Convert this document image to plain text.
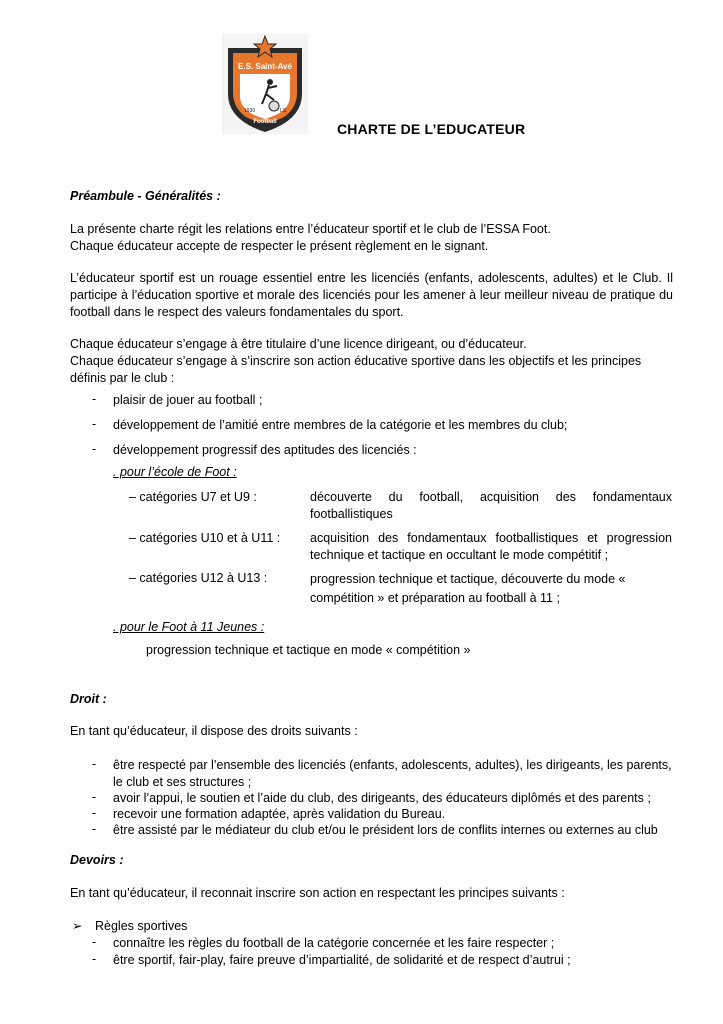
E.S. Saint-Avé
1930	LS
Football	CHARTE DE L’EDUCATEUR
Préambule - Généralités :
La présente charte régit les relations entre l’éducateur sportif et le club de l’ESSA Foot.
Chaque éducateur accepte de respecter le présent règlement en le signant.
L’éducateur sportif est un rouage essentiel entre les licenciés (enfants, adolescents, adultes) et le Club. Il participe à l’éducation sportive et morale des licenciés pour les amener à leur meilleur niveau de pratique du football dans le respect des valeurs fondamentales du sport.
Chaque éducateur s’engage à être titulaire d’une licence dirigeant, ou d’éducateur.
Chaque éducateur s’engage à s’inscrire son action éducative sportive dans les objectifs et les principes définis par le club :
- plaisir de jouer au football ;
- développement de l’amitié entre membres de la catégorie et les membres du club;
- développement progressif des aptitudes des licenciés :
. pour l’école de Foot :
– catégories U7 et U9 :	découverte du football, acquisition des fondamentaux footballistiques
– catégories U10 et à U11 : acquisition des fondamentaux footballistiques et progression technique et tactique en occultant le mode compétitif ;
– catégories U12 à U13 :	progression technique et tactique, découverte du mode « compétition » et préparation au football à 11 ;
. pour le Foot à 11 Jeunes :
progression technique et tactique en mode « compétition »
Droit :
En tant qu’éducateur, il dispose des droits suivants :
- être respecté par l’ensemble des licenciés (enfants, adolescents, adultes), les dirigeants, les parents, le club et ses structures ;
- avoir l’appui, le soutien et l’aide du club, des dirigeants, des éducateurs diplômés et des parents ;
- recevoir une formation adaptée, après validation du Bureau.
- être assisté par le médiateur du club et/ou le président lors de conflits internes ou externes au club
Devoirs :
En tant qu’éducateur, il reconnait inscrire son action en respectant les principes suivants :
➢ Règles sportives
- connaître les règles du football de la catégorie concernée et les faire respecter ;
- être sportif, fair-play, faire preuve d’impartialité, de solidarité et de respect d’autrui ;
